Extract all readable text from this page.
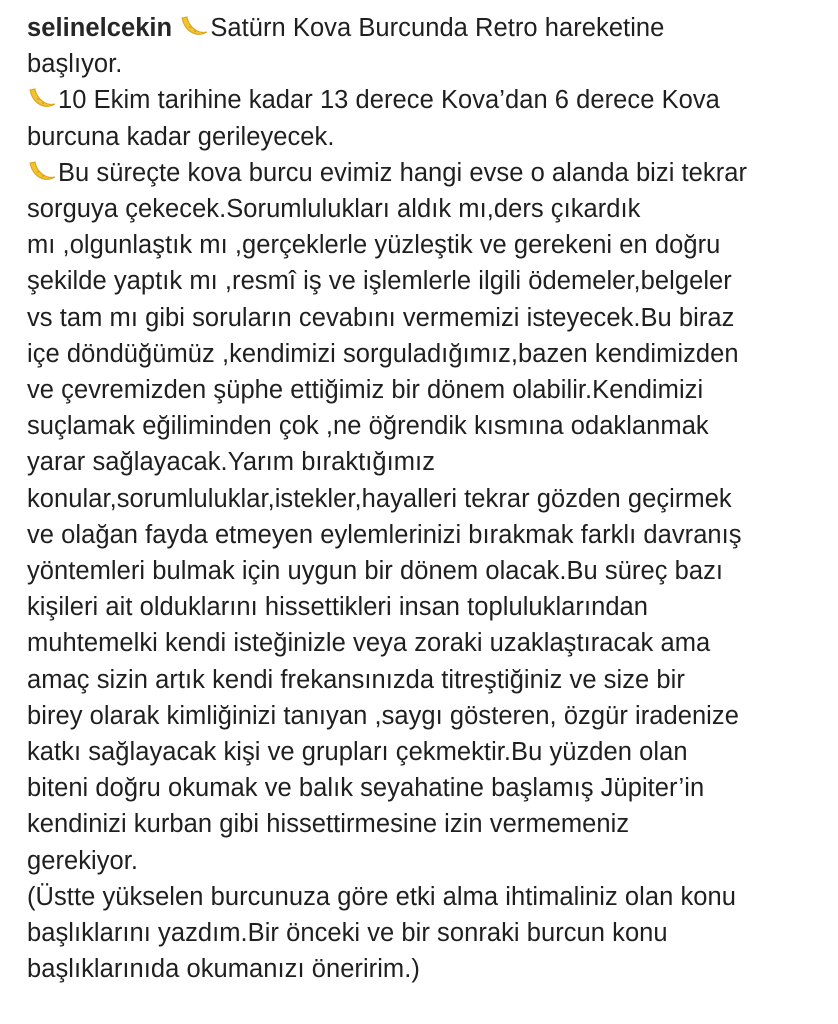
selinelcekin Satürn Kova Burcunda Retro hareketine
başlıyor.
10 Ekim tarihine kadar 13 derece Kova’dan 6 derece Kova
burcuna kadar gerileyecek.
Bu süreçte kova burcu evimiz hangi evse o alanda bizi tekrar
sorguya çekecek.Sorumlulukları aldık mı,ders çıkardık
mı ,olgunlaştık mı ,gerçeklerle yüzleştik ve gerekeni en doğru
şekilde yaptık mı ,resmî iş ve işlemlerle ilgili ödemeler,belgeler
vs tam mı gibi soruların cevabını vermemizi isteyecek.Bu biraz
içe döndüğümüz ,kendimizi sorguladığımız,bazen kendimizden
ve çevremizden şüphe ettiğimiz bir dönem olabilir.Kendimizi
suçlamak eğiliminden çok ,ne öğrendik kısmına odaklanmak
yarar sağlayacak.Yarım bıraktığımız
konular,sorumluluklar,istekler,hayalleri tekrar gözden geçirmek
ve olağan fayda etmeyen eylemlerinizi bırakmak farklı davranış
yöntemleri bulmak için uygun bir dönem olacak.Bu süreç bazı
kişileri ait olduklarını hissettikleri insan topluluklarından
muhtemelki kendi isteğinizle veya zoraki uzaklaştıracak ama
amaç sizin artık kendi frekansınızda titreştiğiniz ve size bir
birey olarak kimliğinizi tanıyan ,saygı gösteren, özgür iradenize
katkı sağlayacak kişi ve grupları çekmektir.Bu yüzden olan
biteni doğru okumak ve balık seyahatine başlamış Jüpiter’in
kendinizi kurban gibi hissettirmesine izin vermemeniz
gerekiyor.
(Üstte yükselen burcunuza göre etki alma ihtimaliniz olan konu
başlıklarını yazdım.Bir önceki ve bir sonraki burcun konu
başlıklarınıda okumanızı öneririm.)
